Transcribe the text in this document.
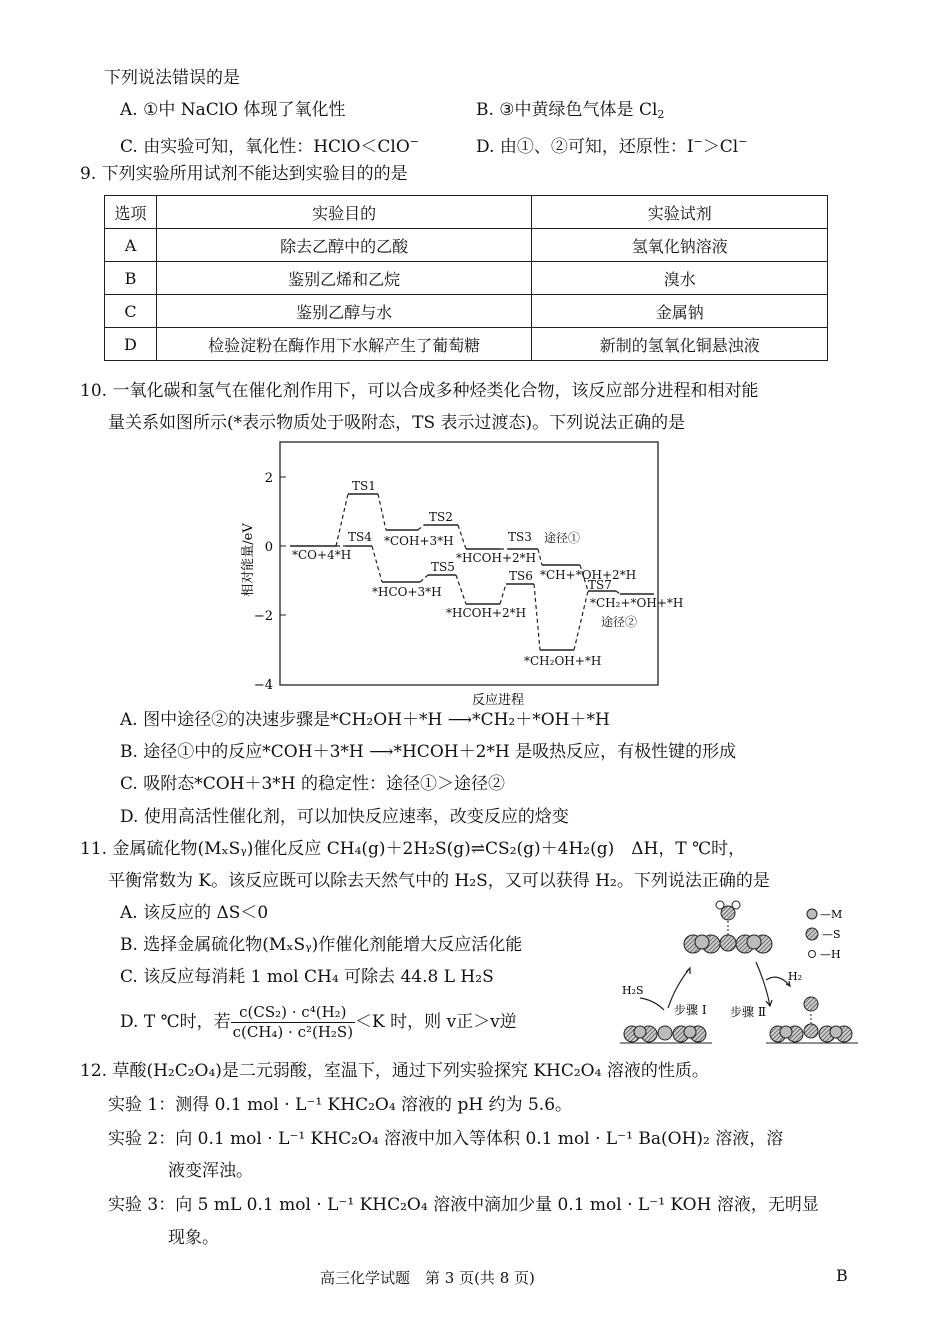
下列说法错误的是
A. ①中 NaClO 体现了氧化性	B. ③中黄绿色气体是 $Cl_2$
C. 由实验可知，氧化性：HClO＜ClO−	D. 由①、②可知，还原性：I−＞Cl−
9. 下列实验所用试剂不能达到实验目的的是
选项	实验目的	实验试剂
A	除去乙醇中的乙酸	氢氧化钠溶液
B	鉴别乙烯和乙烷	溴水
C	鉴别乙醇与水	金属钠
D	检验淀粉在酶作用下水解产生了葡萄糖	新制的氢氧化铜悬浊液
10. 一氧化碳和氢气在催化剂作用下，可以合成多种烃类化合物，该反应部分进程和相对能
量关系如图所示(*表示物质处于吸附态，TS 表示过渡态)。下列说法正确的是
2
0
−2
−4
相对能量/eV
反应进程
TS1
TS2
TS3
TS4
TS5
TS6
TS7
*CO+4*H
*COH+3*H
*HCOH+2*H
途径①
*CH+*OH+2*H
*HCO+3*H
*HCOH+2*H
*CH₂+*OH+*H
途径②
*CH₂OH+*H
A. 图中途径②的决速步骤是*CH₂OH＋*H ⟶*CH₂＋*OH＋*H
B. 途径①中的反应*COH＋3*H ⟶*HCOH＋2*H 是吸热反应，有极性键的形成
C. 吸附态*COH＋3*H 的稳定性：途径①＞途径②
D. 使用高活性催化剂，可以加快反应速率，改变反应的焓变
11. 金属硫化物(MₓSᵧ)催化反应 CH₄(g)＋2H₂S(g)⇌CS₂(g)＋4H₂(g)　ΔH，T ℃时，
平衡常数为 K。该反应既可以除去天然气中的 H₂S，又可以获得 H₂。下列说法正确的是
A. 该反应的 ΔS＜0
B. 选择金属硫化物(MₓSᵧ)作催化剂能增大反应活化能
C. 该反应每消耗 1 mol CH₄ 可除去 44.8 L H₂S
D. T ℃时，若 $\frac{\text{c(CS₂) · c⁴(H₂)}}{\text{c(CH₄) · c²(H₂S)}} <K$ 时，则 v正＞v逆
—M
—S
—H
H₂S
步骤 Ⅰ
H₂
步骤 Ⅱ
12. 草酸(H₂C₂O₄)是二元弱酸，室温下，通过下列实验探究 KHC₂O₄ 溶液的性质。
实验 1：测得 0.1 mol · L⁻¹ KHC₂O₄ 溶液的 pH 约为 5.6。
实验 2：向 0.1 mol · L⁻¹ KHC₂O₄ 溶液中加入等体积 0.1 mol · L⁻¹ Ba(OH)₂ 溶液，溶
液变浑浊。
实验 3：向 5 mL 0.1 mol · L⁻¹ KHC₂O₄ 溶液中滴加少量 0.1 mol · L⁻¹ KOH 溶液，无明显
现象。
高三化学试题　第 3 页(共 8 页)	B
